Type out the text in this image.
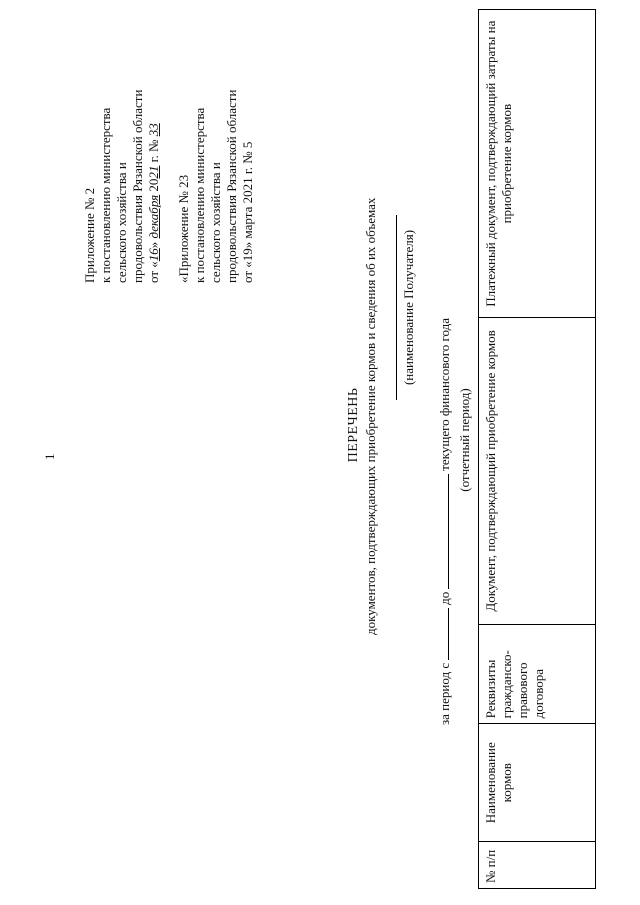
1
Приложение № 2 к постановлению министерства сельского хозяйства и продовольствия Рязанской области от «16» декабря 2021 г. № 33
«Приложение № 23 к постановлению министерства сельского хозяйства и продовольствия Рязанской области от «19» марта 2021 г. № 5
ПЕРЕЧЕНЬ документов, подтверждающих приобретение кормов и сведения об их объемах (наименование Получателя)
за период сдотекущего финансового года (отчетный период)
№ п/п
Наименование кормов
Реквизиты гражданско-правового договора
Документ, подтверждающий приобретение кормов
Платежный документ, подтверждающий затраты на приобретение кормов
